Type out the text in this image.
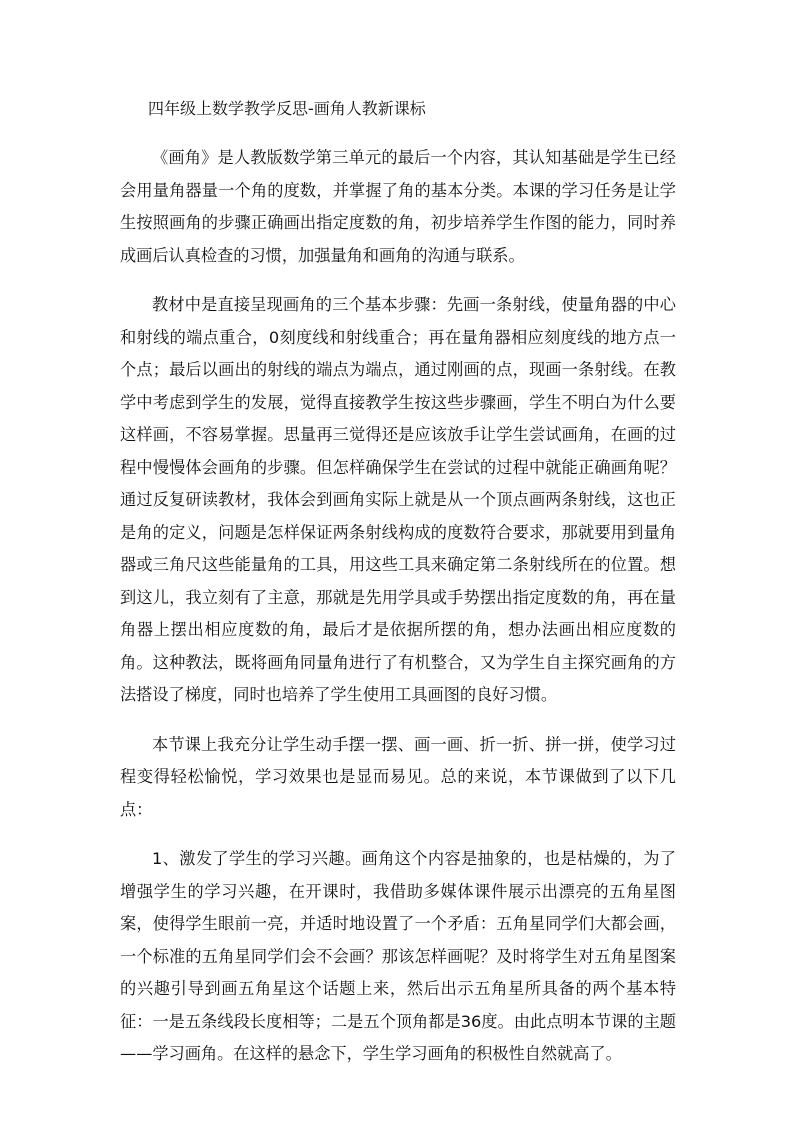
四年级上数学教学反思-画角人教新课标

《画角》是人教版数学第三单元的最后一个内容，其认知基础是学生已经会用量角器量一个角的度数，并掌握了角的基本分类。本课的学习任务是让学生按照画角的步骤正确画出指定度数的角，初步培养学生作图的能力，同时养成画后认真检查的习惯，加强量角和画角的沟通与联系。

教材中是直接呈现画角的三个基本步骤：先画一条射线，使量角器的中心和射线的端点重合，0刻度线和射线重合；再在量角器相应刻度线的地方点一个点；最后以画出的射线的端点为端点，通过刚画的点，现画一条射线。在教学中考虑到学生的发展，觉得直接教学生按这些步骤画，学生不明白为什么要这样画，不容易掌握。思量再三觉得还是应该放手让学生尝试画角，在画的过程中慢慢体会画角的步骤。但怎样确保学生在尝试的过程中就能正确画角呢？通过反复研读教材，我体会到画角实际上就是从一个顶点画两条射线，这也正是角的定义，问题是怎样保证两条射线构成的度数符合要求，那就要用到量角器或三角尺这些能量角的工具，用这些工具来确定第二条射线所在的位置。想到这儿，我立刻有了主意，那就是先用学具或手势摆出指定度数的角，再在量角器上摆出相应度数的角，最后才是依据所摆的角，想办法画出相应度数的角。这种教法，既将画角同量角进行了有机整合，又为学生自主探究画角的方法搭设了梯度，同时也培养了学生使用工具画图的良好习惯。

本节课上我充分让学生动手摆一摆、画一画、折一折、拼一拼，使学习过程变得轻松愉悦，学习效果也是显而易见。总的来说，本节课做到了以下几点：

1、激发了学生的学习兴趣。画角这个内容是抽象的，也是枯燥的，为了增强学生的学习兴趣，在开课时，我借助多媒体课件展示出漂亮的五角星图案，使得学生眼前一亮，并适时地设置了一个矛盾：五角星同学们大都会画，一个标准的五角星同学们会不会画？那该怎样画呢？及时将学生对五角星图案的兴趣引导到画五角星这个话题上来，然后出示五角星所具备的两个基本特征：一是五条线段长度相等；二是五个顶角都是36度。由此点明本节课的主题——学习画角。在这样的悬念下，学生学习画角的积极性自然就高了。
